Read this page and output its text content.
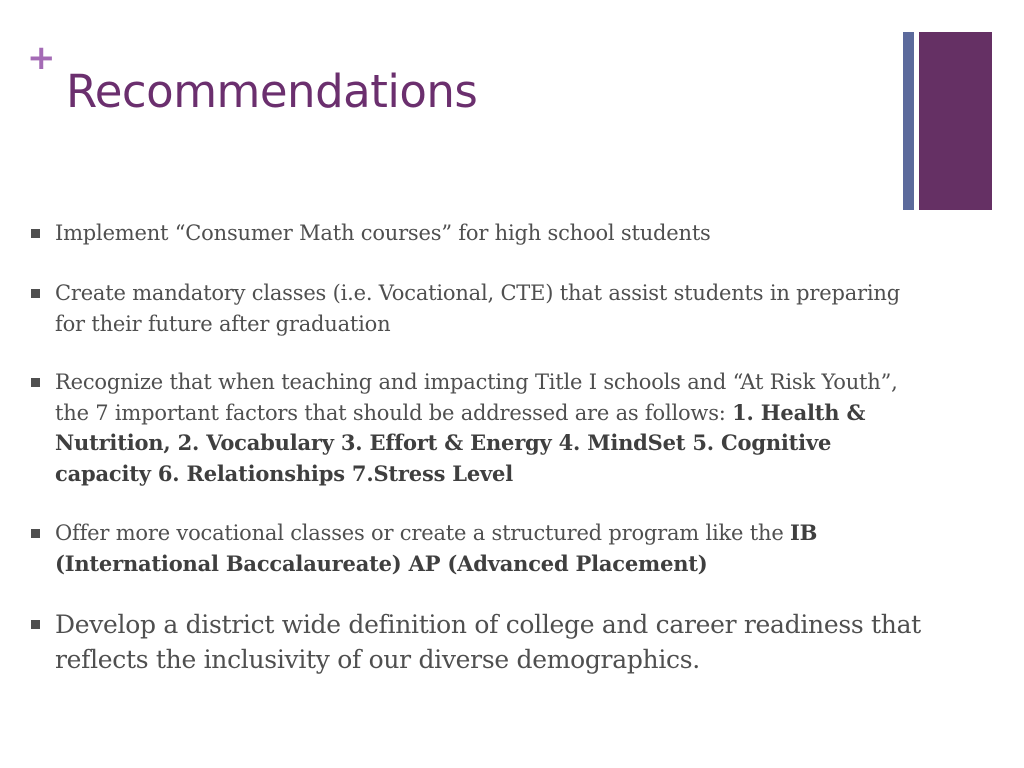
+
Recommendations
Implement “Consumer Math courses” for high school students
Create mandatory classes (i.e. Vocational, CTE) that assist students in preparing for their future after graduation
Recognize that when teaching and impacting Title I schools and “At Risk Youth”, the 7 important factors that should be addressed are as follows: 1. Health & Nutrition, 2. Vocabulary 3. Effort & Energy 4. MindSet 5. Cognitive capacity 6. Relationships 7.Stress Level
Offer more vocational classes or create a structured program like the IB (International Baccalaureate) AP (Advanced Placement)
Develop a district wide definition of college and career readiness that reflects the inclusivity of our diverse demographics.
